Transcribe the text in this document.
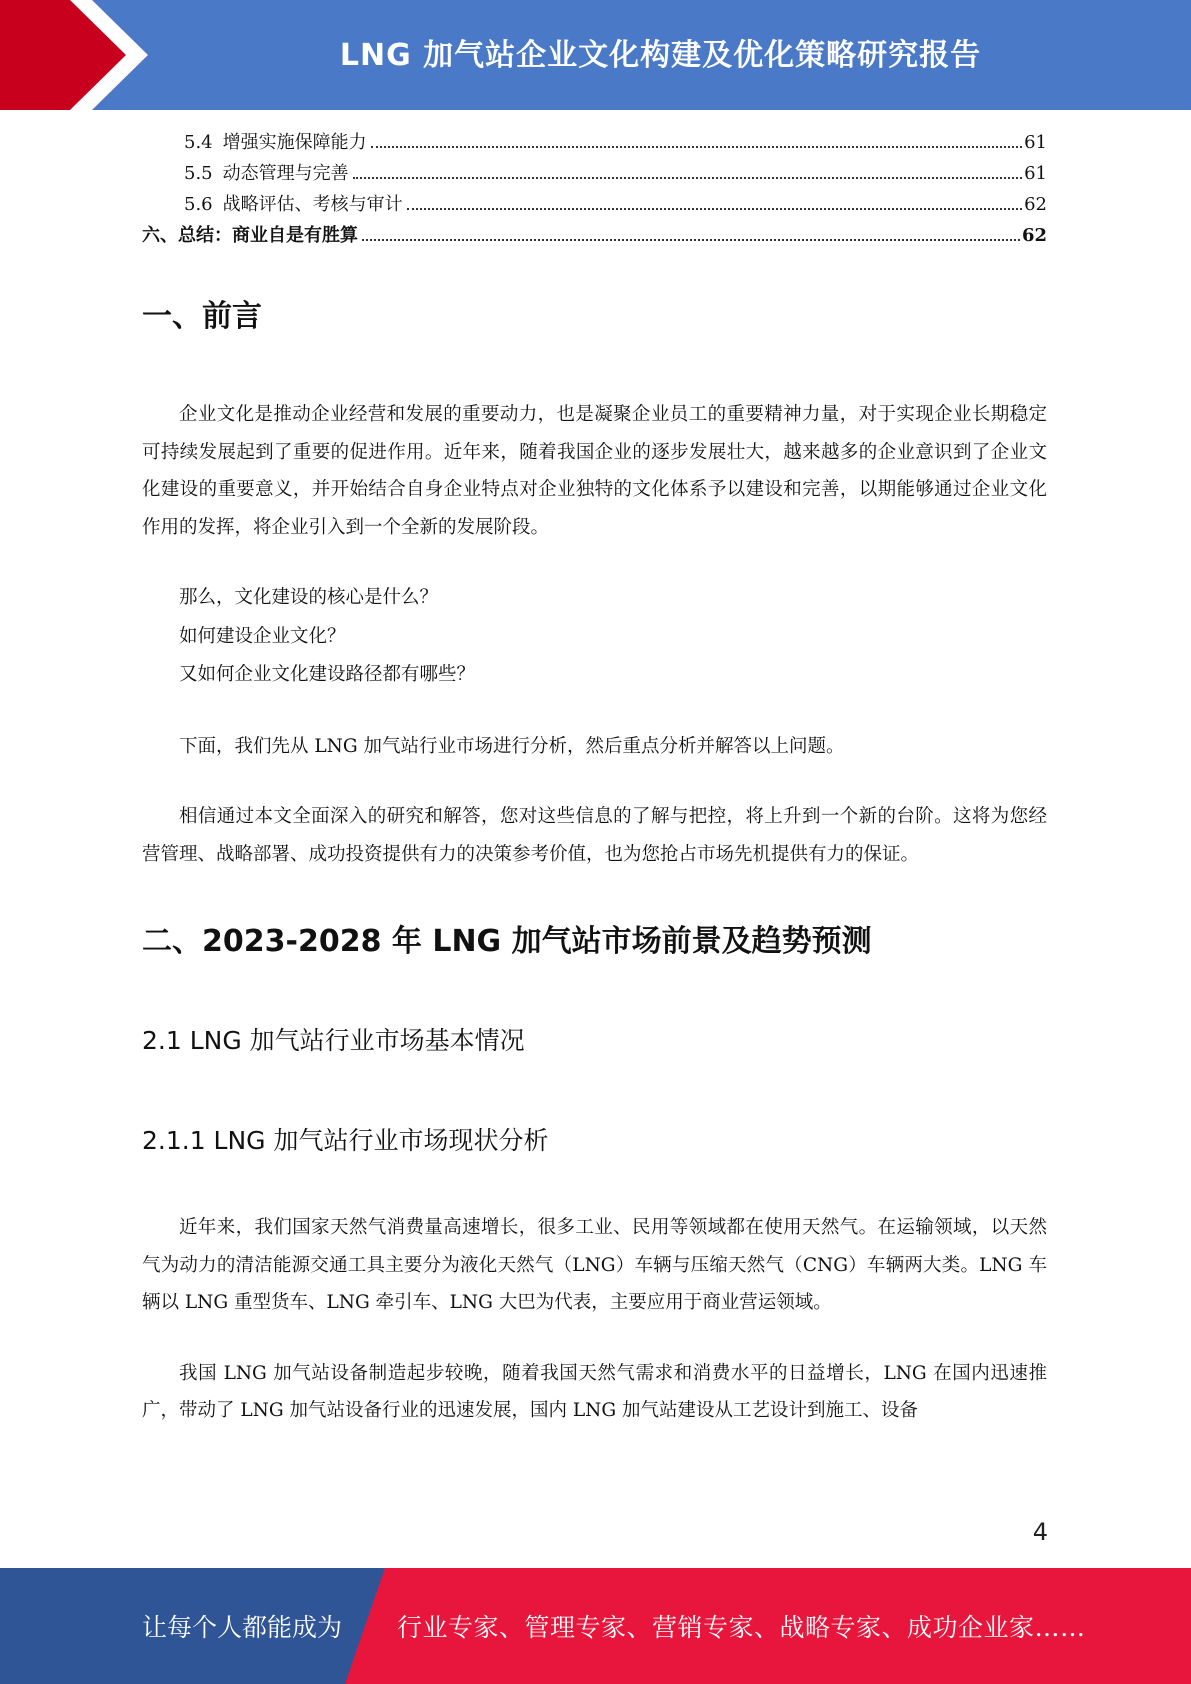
LNG 加气站企业文化构建及优化策略研究报告
5.4 增强实施保障能力	61
5.5 动态管理与完善	61
5.6 战略评估、考核与审计	62
六、总结：商业自是有胜算	62
一、前言

企业文化是推动企业经营和发展的重要动力，也是凝聚企业员工的重要精神力量，对于实现企业长期稳定可持续发展起到了重要的促进作用。近年来，随着我国企业的逐步发展壮大，越来越多的企业意识到了企业文化建设的重要意义，并开始结合自身企业特点对企业独特的文化体系予以建设和完善，以期能够通过企业文化作用的发挥，将企业引入到一个全新的发展阶段。

那么，文化建设的核心是什么？

如何建设企业文化？

又如何企业文化建设路径都有哪些？

下面，我们先从 LNG 加气站行业市场进行分析，然后重点分析并解答以上问题。

相信通过本文全面深入的研究和解答，您对这些信息的了解与把控，将上升到一个新的台阶。这将为您经营管理、战略部署、成功投资提供有力的决策参考价值，也为您抢占市场先机提供有力的保证。

二、2023-2028 年 LNG 加气站市场前景及趋势预测
2.1 LNG 加气站行业市场基本情况
2.1.1 LNG 加气站行业市场现状分析

近年来，我们国家天然气消费量高速增长，很多工业、民用等领域都在使用天然气。在运输领域，以天然气为动力的清洁能源交通工具主要分为液化天然气（LNG）车辆与压缩天然气（CNG）车辆两大类。LNG 车辆以 LNG 重型货车、LNG 牵引车、LNG 大巴为代表，主要应用于商业营运领域。

我国 LNG 加气站设备制造起步较晚，随着我国天然气需求和消费水平的日益增长，LNG 在国内迅速推广，带动了 LNG 加气站设备行业的迅速发展，国内 LNG 加气站建设从工艺设计到施工、设备

4
让每个人都能成为 行业专家、管理专家、营销专家、战略专家、成功企业家……
